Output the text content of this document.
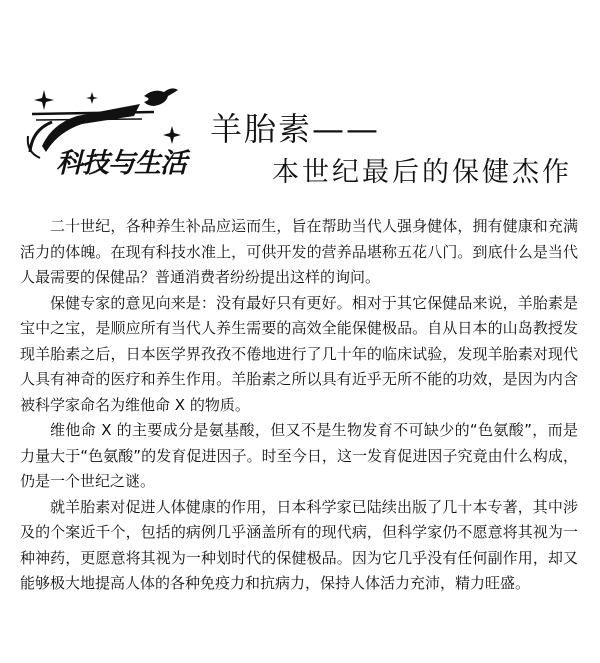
科技与生活
羊胎素——
本世纪最后的保健杰作

二十世纪，各种养生补品应运而生，旨在帮助当代人强身健体，拥有健康和充满活力的体魄。在现有科技水准上，可供开发的营养品堪称五花八门。到底什么是当代人最需要的保健品？普通消费者纷纷提出这样的询问。

保健专家的意见向来是：没有最好只有更好。相对于其它保健品来说，羊胎素是宝中之宝，是顺应所有当代人养生需要的高效全能保健极品。自从日本的山岛教授发现羊胎素之后，日本医学界孜孜不倦地进行了几十年的临床试验，发现羊胎素对现代人具有神奇的医疗和养生作用。羊胎素之所以具有近乎无所不能的功效，是因为内含被科学家命名为维他命 X 的物质。

维他命 X 的主要成分是氨基酸，但又不是生物发育不可缺少的“色氨酸”，而是力量大于“色氨酸”的发育促进因子。时至今日，这一发育促进因子究竟由什么构成，仍是一个世纪之谜。

就羊胎素对促进人体健康的作用，日本科学家已陆续出版了几十本专著，其中涉及的个案近千个，包括的病例几乎涵盖所有的现代病，但科学家仍不愿意将其视为一种神药，更愿意将其视为一种划时代的保健极品。因为它几乎没有任何副作用，却又能够极大地提高人体的各种免疫力和抗病力，保持人体活力充沛，精力旺盛。
